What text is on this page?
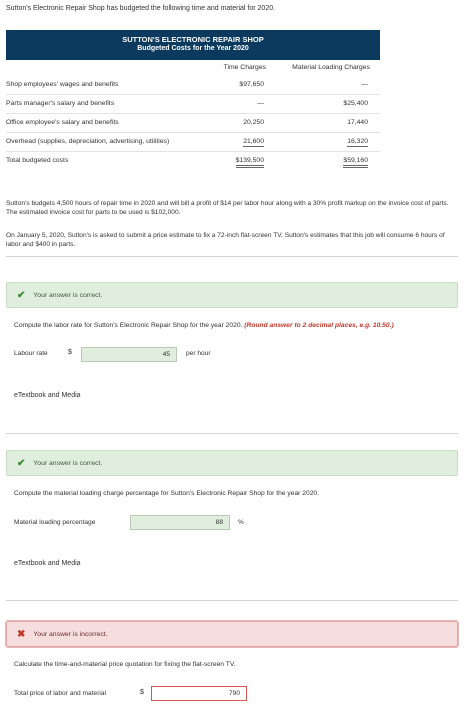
Sutton's Electronic Repair Shop has budgeted the following time and material for 2020.
SUTTON'S ELECTRONIC REPAIR SHOP
Budgeted Costs for the Year 2020
	Time Charges	Material Loading Charges
Shop employees' wages and benefits	$97,650	—
Parts manager's salary and benefits	—	$25,400
Office employee's salary and benefits	20,250	17,440
Overhead (supplies, depreciation, advertising, utilities)	21,600	16,320
Total budgeted costs	$139,500	$59,160
Sutton's budgets 4,500 hours of repair time in 2020 and will bill a profit of $14 per labor hour along with a 30% profit markup on the invoice cost of parts. The estimated invoice cost for parts to be used is $102,000.
On January 5, 2020, Sutton's is asked to submit a price estimate to fix a 72-inch flat-screen TV. Sutton's estimates that this job will consume 6 hours of labor and $400 in parts.
✔ Your answer is correct.
Compute the labor rate for Sutton's Electronic Repair Shop for the year 2020. (Round answer to 2 decimal places, e.g. 10.50.)
Labour rate	$	45	per hour
eTextbook and Media
✔ Your answer is correct.
Compute the material loading charge percentage for Sutton's Electronic Repair Shop for the year 2020.
Material loading percentage	88	%
eTextbook and Media
✖ Your answer is incorrect.
Calculate the time-and-material price quotation for fixing the flat-screen TV.
Total price of labor and material	$	790
